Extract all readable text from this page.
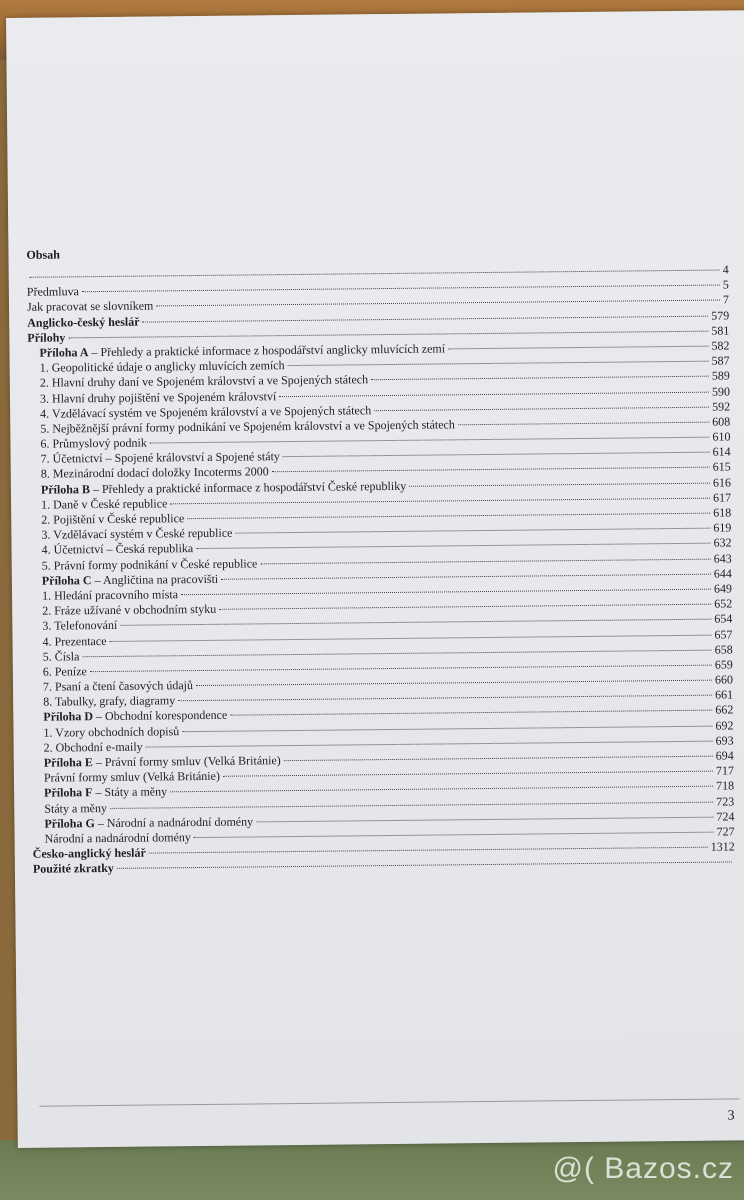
Obsah
4
Předmluva	5
Jak pracovat se slovníkem	7
Anglicko-český heslář	579
Přílohy	581
Příloha A – Přehledy a praktické informace z hospodářství anglicky mluvících zemí	582
1. Geopolitické údaje o anglicky mluvících zemích	587
2. Hlavní druhy daní ve Spojeném království a ve Spojených státech	589
3. Hlavní druhy pojištění ve Spojeném království	590
4. Vzdělávací systém ve Spojeném království a ve Spojených státech	592
5. Nejběžnější právní formy podnikání ve Spojeném království a ve Spojených státech	608
6. Průmyslový podnik	610
7. Účetnictví – Spojené království a Spojené státy	614
8. Mezinárodní dodací doložky Incoterms 2000	615
Příloha B – Přehledy a praktické informace z hospodářství České republiky	616
1. Daně v České republice	617
2. Pojištění v České republice	618
3. Vzdělávací systém v České republice	619
4. Účetnictví – Česká republika	632
5. Právní formy podnikání v České republice	643
Příloha C – Angličtina na pracovišti	644
1. Hledání pracovního místa	649
2. Fráze užívané v obchodním styku	652
3. Telefonování	654
4. Prezentace	657
5. Čísla	658
6. Peníze	659
7. Psaní a čtení časových údajů	660
8. Tabulky, grafy, diagramy	661
Příloha D – Obchodní korespondence	662
1. Vzory obchodních dopisů	692
2. Obchodní e-maily	693
Příloha E – Právní formy smluv (Velká Británie)	694
Právní formy smluv (Velká Británie)	717
Příloha F – Státy a měny	718
Státy a měny	723
Příloha G – Národní a nadnárodní domény	724
Národní a nadnárodní domény	727
Česko-anglický heslář	1312
Použité zkratky
3
@( Bazos.cz
